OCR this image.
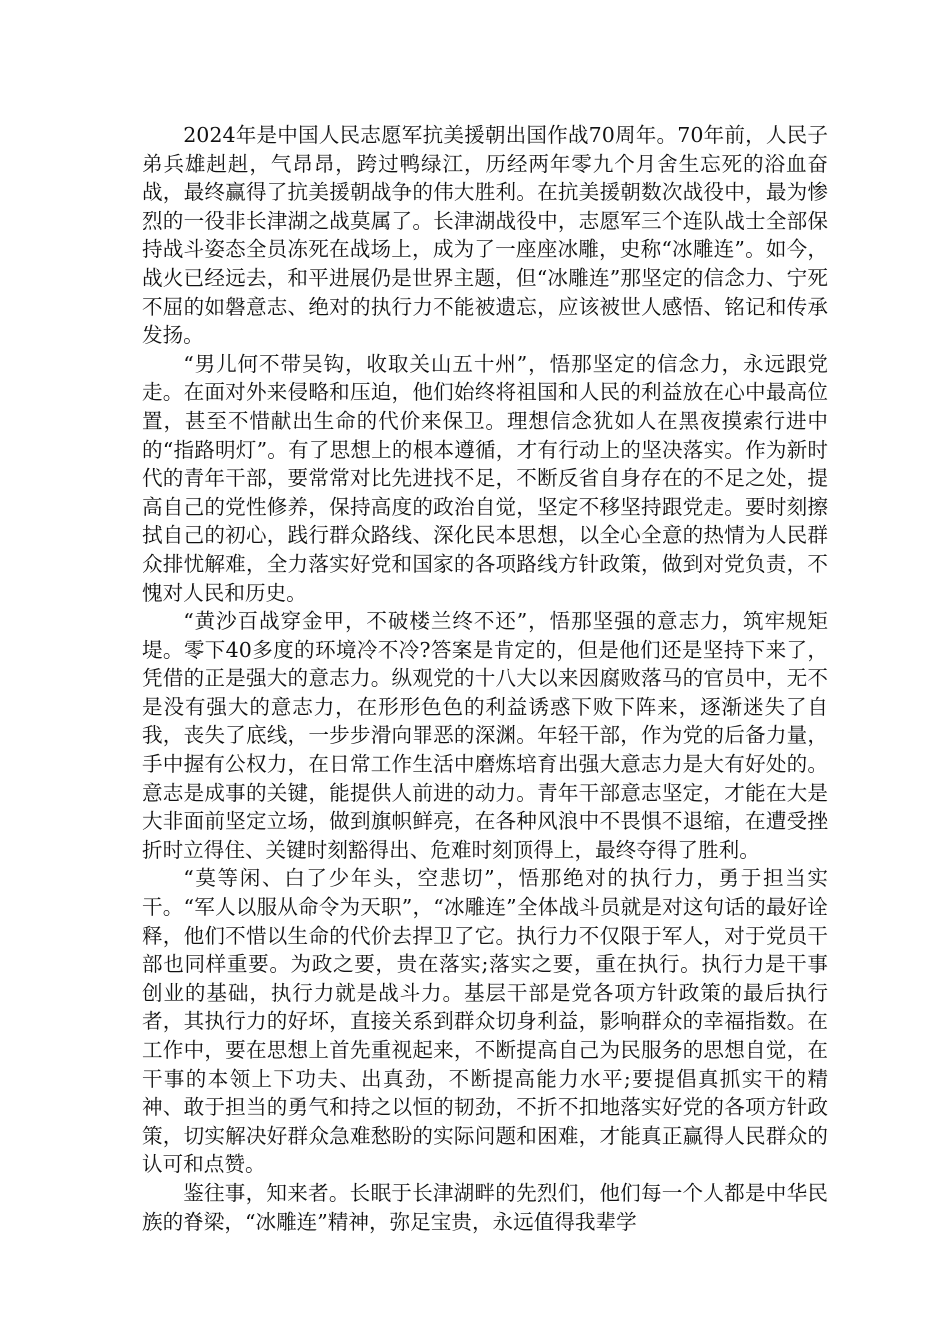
2024年是中国人民志愿军抗美援朝出国作战70周年。70年前，人民子弟兵雄赳赳，气昂昂，跨过鸭绿江，历经两年零九个月舍生忘死的浴血奋战，最终赢得了抗美援朝战争的伟大胜利。在抗美援朝数次战役中，最为惨烈的一役非长津湖之战莫属了。长津湖战役中，志愿军三个连队战士全部保持战斗姿态全员冻死在战场上，成为了一座座冰雕，史称“冰雕连”。如今，战火已经远去，和平进展仍是世界主题，但“冰雕连”那坚定的信念力、宁死不屈的如磐意志、绝对的执行力不能被遗忘，应该被世人感悟、铭记和传承发扬。

“男儿何不带吴钩，收取关山五十州”，悟那坚定的信念力，永远跟党走。在面对外来侵略和压迫，他们始终将祖国和人民的利益放在心中最高位置，甚至不惜献出生命的代价来保卫。理想信念犹如人在黑夜摸索行进中的“指路明灯”。有了思想上的根本遵循，才有行动上的坚决落实。作为新时代的青年干部，要常常对比先进找不足，不断反省自身存在的不足之处，提高自己的党性修养，保持高度的政治自觉，坚定不移坚持跟党走。要时刻擦拭自己的初心，践行群众路线、深化民本思想，以全心全意的热情为人民群众排忧解难，全力落实好党和国家的各项路线方针政策，做到对党负责，不愧对人民和历史。

“黄沙百战穿金甲，不破楼兰终不还”，悟那坚强的意志力，筑牢规矩堤。零下40多度的环境冷不冷?答案是肯定的，但是他们还是坚持下来了，凭借的正是强大的意志力。纵观党的十八大以来因腐败落马的官员中，无不是没有强大的意志力，在形形色色的利益诱惑下败下阵来，逐渐迷失了自我，丧失了底线，一步步滑向罪恶的深渊。年轻干部，作为党的后备力量，手中握有公权力，在日常工作生活中磨炼培育出强大意志力是大有好处的。意志是成事的关键，能提供人前进的动力。青年干部意志坚定，才能在大是大非面前坚定立场，做到旗帜鲜亮，在各种风浪中不畏惧不退缩，在遭受挫折时立得住、关键时刻豁得出、危难时刻顶得上，最终夺得了胜利。

“莫等闲、白了少年头，空悲切”，悟那绝对的执行力，勇于担当实干。“军人以服从命令为天职”，“冰雕连”全体战斗员就是对这句话的最好诠释，他们不惜以生命的代价去捍卫了它。执行力不仅限于军人，对于党员干部也同样重要。为政之要，贵在落实;落实之要，重在执行。执行力是干事创业的基础，执行力就是战斗力。基层干部是党各项方针政策的最后执行者，其执行力的好坏，直接关系到群众切身利益，影响群众的幸福指数。在工作中，要在思想上首先重视起来，不断提高自己为民服务的思想自觉，在干事的本领上下功夫、出真劲，不断提高能力水平;要提倡真抓实干的精神、敢于担当的勇气和持之以恒的韧劲，不折不扣地落实好党的各项方针政策，切实解决好群众急难愁盼的实际问题和困难，才能真正赢得人民群众的认可和点赞。

鉴往事，知来者。长眠于长津湖畔的先烈们，他们每一个人都是中华民族的脊梁，“冰雕连”精神，弥足宝贵，永远值得我辈学
